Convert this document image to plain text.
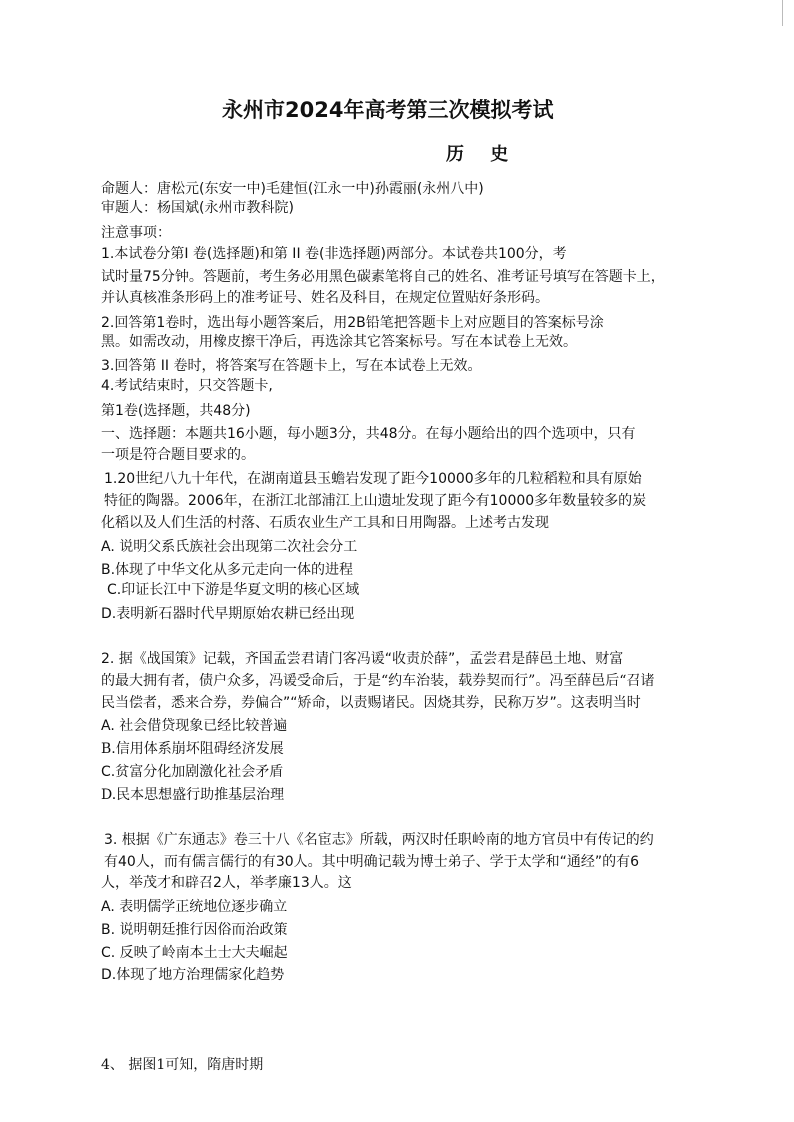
永州市2024年高考第三次模拟考试
历 史
命题人：唐松元(东安一中)毛建恒(江永一中)孙霞丽(永州八中)
审题人：杨国斌(永州市教科院)
注意事项：
1.本试卷分第I 卷(选择题)和第 II 卷(非选择题)两部分。本试卷共100分，考
试时量75分钟。答题前，考生务必用黑色碳素笔将自己的姓名、准考证号填写在答题卡上，
并认真核准条形码上的准考证号、姓名及科目，在规定位置贴好条形码。
2.回答第1卷时，选出每小题答案后，用2B铅笔把答题卡上对应题目的答案标号涂
黑。如需改动，用橡皮擦干净后，再选涂其它答案标号。写在本试卷上无效。
3.回答第 II 卷时，将答案写在答题卡上，写在本试卷上无效。
4.考试结束时，只交答题卡,
第1卷(选择题，共48分)
一、选择题：本题共16小题，每小题3分，共48分。在每小题给出的四个选项中，只有
一项是符合题目要求的。
1.20世纪八九十年代，在湖南道县玉蟾岩发现了距今10000多年的几粒稻粒和具有原始
特征的陶器。2006年，在浙江北部浦江上山遗址发现了距今有10000多年数量较多的炭
化稻以及人们生活的村落、石质农业生产工具和日用陶器。上述考古发现
A. 说明父系氏族社会出现第二次社会分工
B.体现了中华文化从多元走向一体的进程
C.印证长江中下游是华夏文明的核心区域
D.表明新石器时代早期原始农耕已经出现
2. 据《战国策》记载，齐国孟尝君请门客冯谖“收责於薛”，孟尝君是薛邑土地、财富
的最大拥有者，债户众多，冯谖受命后，于是“约车治装，载券契而行”。冯至薛邑后“召诸
民当偿者，悉来合券，券偏合”“矫命，以责赐诸民。因烧其券，民称万岁”。这表明当时
A. 社会借贷现象已经比较普遍
B.信用体系崩坏阻碍经济发展
C.贫富分化加剧激化社会矛盾
D.民本思想盛行助推基层治理
3. 根据《广东通志》卷三十八《名宦志》所载，两汉时任职岭南的地方官员中有传记的约
有40人，而有儒言儒行的有30人。其中明确记载为博士弟子、学于太学和“通经”的有6
人，举茂才和辟召2人，举孝廉13人。这
A. 表明儒学正统地位逐步确立
B. 说明朝廷推行因俗而治政策
C. 反映了岭南本土士大夫崛起
D.体现了地方治理儒家化趋势
4、 据图1可知，隋唐时期
